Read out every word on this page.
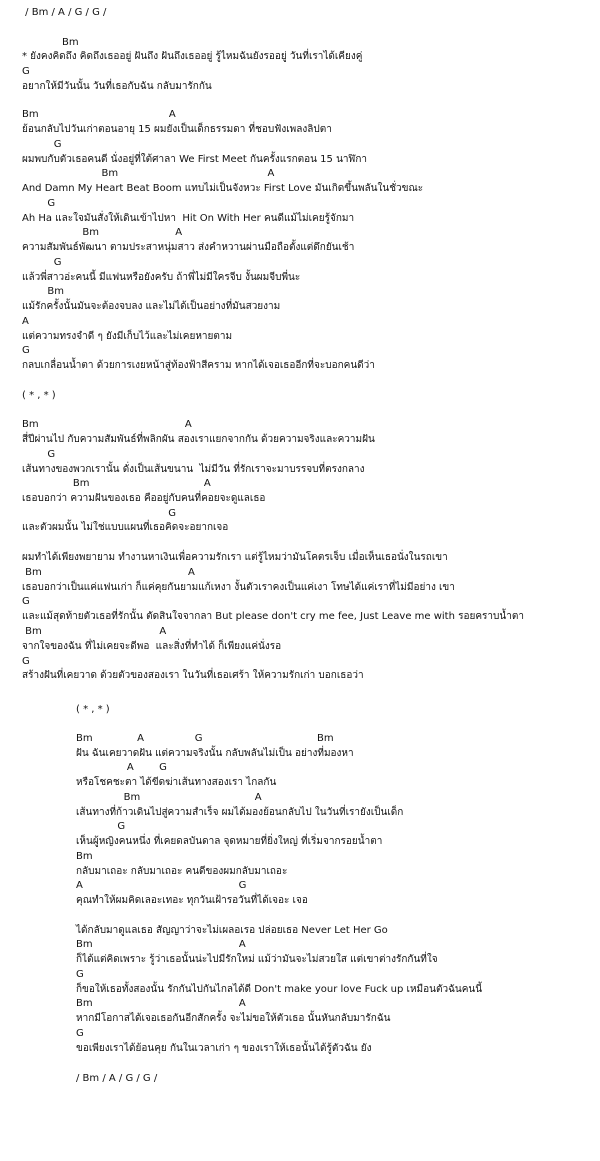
/ Bm / A / G / G /
Bm
* ยังคงคิดถึง คิดถึงเธออยู่ ฝันถึง ฝันถึงเธออยู่ รู้ไหมฉันยังรออยู่ วันที่เราได้เคียงคู่
G
อยากให้มีวันนั้น วันที่เธอกับฉัน กลับมารักกัน
Bm                                         A
ย้อนกลับไปวันเก่าตอนอายุ 15 ผมยังเป็นเด็กธรรมดา ที่ชอบฟังเพลงลิปตา
G
ผมพบกับตัวเธอคนดี นั่งอยู่ที่ใต้ศาลา We First Meet กันครั้งแรกตอน 15 นาฬิกา
Bm                                               A
And Damn My Heart Beat Boom แทบไม่เป็นจังหวะ First Love มันเกิดขึ้นพลันในชั่วขณะ
G
Ah Ha และใจมันสั่งให้เดินเข้าไปหา  Hit On With Her คนดีแม้ไม่เคยรู้จักมา
Bm                        A
ความสัมพันธ์พัฒนา ตามประสาหนุ่มสาว ส่งคำหวานผ่านมือถือตั้งแต่ดึกยันเช้า
G
แล้วพี่สาวอ่ะคนนี้ มีแฟนหรือยังครับ ถ้าพี่ไม่มีใครจีบ งั้นผมจีบพี่นะ
Bm
แม้รักครั้งนั้นมันจะต้องจบลง และไม่ได้เป็นอย่างที่มันสวยงาม
A
แต่ความทรงจำดี ๆ ยังมีเก็บไว้และไม่เคยหายตาม
G
กลบเกลื่อนน้ำตา ด้วยการเงยหน้าสู่ท้องฟ้าสีคราม หากได้เจอเธออีกที่จะบอกคนดีว่า
( * , * )
Bm                                              A
สี่ปีผ่านไป กับความสัมพันธ์ที่พลิกผัน สองเราแยกจากกัน ด้วยความจริงและความฝัน
G
เส้นทางของพวกเรานั้น ดั่งเป็นเส้นขนาน  ไม่มีวัน ที่รักเราจะมาบรรจบที่ตรงกลาง
Bm                                    A
เธอบอกว่า ความฝันของเธอ คืออยู่กับคนที่คอยจะดูแลเธอ
G
และตัวผมนั้น ไม่ใช่แบบแผนที่เธอคิดจะอยากเจอ
ผมทำได้เพียงพยายาม ทำงานหาเงินเพื่อความรักเรา แต่รู้ไหมว่ามันโคตรเจ็บ เมื่อเห็นเธอนั่งในรถเขา
Bm                                              A
เธอบอกว่าเป็นแค่แฟนเก่า ก็แค่คุยกันยามแก้เหงา งั้นตัวเราคงเป็นแค่เงา โทษได้แค่เราที่ไม่มีอย่าง เขา
G
และแม้สุดท้ายตัวเธอที่รักนั้น ตัดสินใจจากลา But please don't cry me fee, Just Leave me with รอยคราบน้ำตา
Bm                                     A
จากใจของฉัน ที่ไม่เคยจะดีพอ  และสิ่งที่ทำได้ ก็เพียงแค่นั่งรอ
G
สร้างฝันที่เคยวาด ด้วยตัวของสองเรา ในวันที่เธอเศร้า ให้ความรักเก่า บอกเธอว่า
( * , * )
Bm              A                G                                    Bm
ฝัน ฉันเคยวาดฝัน แต่ความจริงนั้น กลับพลันไม่เป็น อย่างที่มองหา
A        G
หรือโชคชะตา ได้ขีดฆ่าเส้นทางสองเรา ไกลกัน
Bm                                    A
เส้นทางที่ก้าวเดินไปสู่ความสำเร็จ ผมได้มองย้อนกลับไป ในวันที่เรายังเป็นเด็ก
G
เห็นผู้หญิงคนหนึ่ง ที่เคยดลบันดาล จุดหมายที่ยิ่งใหญ่ ที่เริ่มจากรอยน้ำตา
Bm
กลับมาเถอะ กลับมาเถอะ คนดีของผมกลับมาเถอะ
A                                                 G
คุณทำให้ผมคิดเลอะเทอะ ทุกวันเฝ้ารอวันที่ได้เจอะ เจอ
ได้กลับมาดูแลเธอ สัญญาว่าจะไม่เผลอเรอ ปล่อยเธอ Never Let Her Go
Bm                                              A
ก็ได้แต่คิดเพราะ รู้ว่าเธอนั้นน่ะไปมีรักใหม่ แม้ว่ามันจะไม่สวยใส แต่เขาต่างรักกันที่ใจ
G
ก็ขอให้เธอทั้งสองนั้น รักกันไปกันไกลได้ดี Don't make your love Fuck up เหมือนตัวฉันคนนี้
Bm                                              A
หากมีโอกาสได้เจอเธอกันอีกสักครั้ง จะไม่ขอให้ตัวเธอ นั้นหันกลับมารักฉัน
G
ขอเพียงเราได้ย้อนคุย กันในเวลาเก่า ๆ ของเราให้เธอนั้นได้รู้ตัวฉัน ยัง
/ Bm / A / G / G /
